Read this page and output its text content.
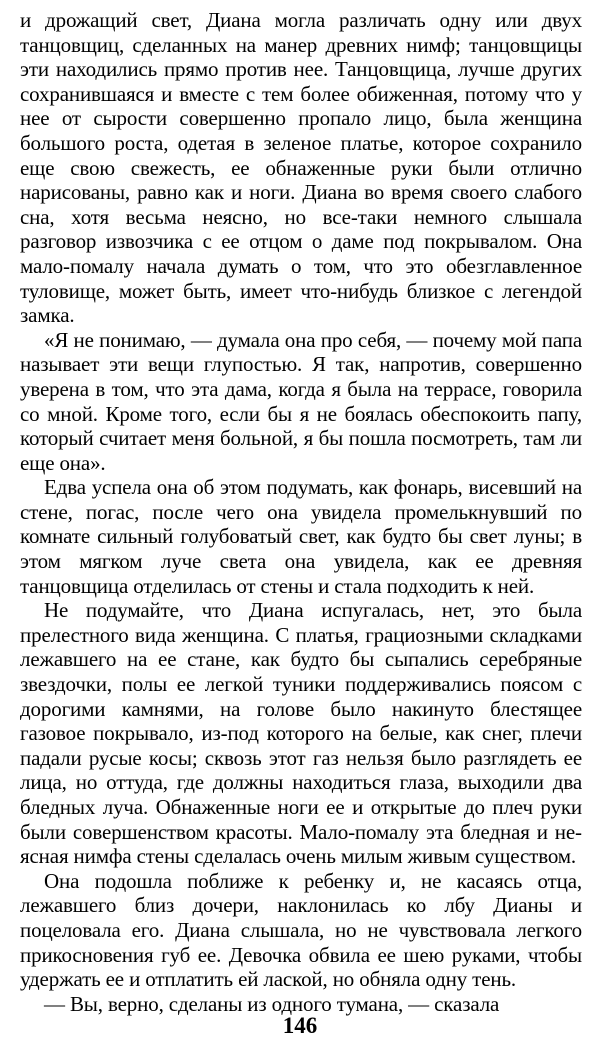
и дрожащий свет, Диана могла различать одну или двух танцовщиц, сделанных на манер древних нимф; танцовщицы эти находились прямо против нее. Танцовщица, лучше других сохранившаяся и вместе с тем более обиженная, потому что у нее от сырости совершенно пропало лицо, была женщина большого роста, одетая в зеленое платье, которое сохранило еще свою свежесть, ее обнаженные руки были отлично нарисованы, равно как и ноги. Диана во время своего слабого сна, хотя весьма неясно, но все-таки немного слышала разговор извозчика с ее отцом о даме под покрывалом. Она мало-помалу начала думать о том, что это обезглавленное туловище, может быть, имеет что-нибудь близкое с легендой замка.

«Я не понимаю, — думала она про себя, — почему мой папа называет эти вещи глупостью. Я так, напротив, совершенно уверена в том, что эта дама, когда я была на террасе, говорила со мной. Кроме того, если бы я не боялась обеспокоить папу, который считает меня больной, я бы пошла посмотреть, там ли еще она».

Едва успела она об этом подумать, как фонарь, висевший на стене, погас, после чего она увидела промелькнувший по комнате сильный голубоватый свет, как будто бы свет луны; в этом мягком луче света она увидела, как ее древняя танцовщица отделилась от стены и стала подходить к ней.

Не подумайте, что Диана испугалась, нет, это была прелестного вида женщина. С платья, грациозными складками лежавшего на ее стане, как будто бы сыпались серебряные звездочки, полы ее легкой туники поддерживались поясом с дорогими камнями, на голове было накинуто блестящее газовое покрывало, из-под которого на белые, как снег, плечи падали русые косы; сквозь этот газ нельзя было разглядеть ее лица, но оттуда, где должны находиться глаза, выходили два бледных луча. Обнаженные ноги ее и открытые до плеч руки были совершенством красоты. Мало-помалу эта бледная и неясная нимфа стены сделалась очень милым живым существом.

Она подошла поближе к ребенку и, не касаясь отца, лежавшего близ дочери, наклонилась ко лбу Дианы и поцеловала его. Диана слышала, но не чувствовала легкого прикосновения губ ее. Девочка обвила ее шею руками, чтобы удержать ее и отплатить ей лаской, но обняла одну тень.

— Вы, верно, сделаны из одного тумана, — сказала

146
